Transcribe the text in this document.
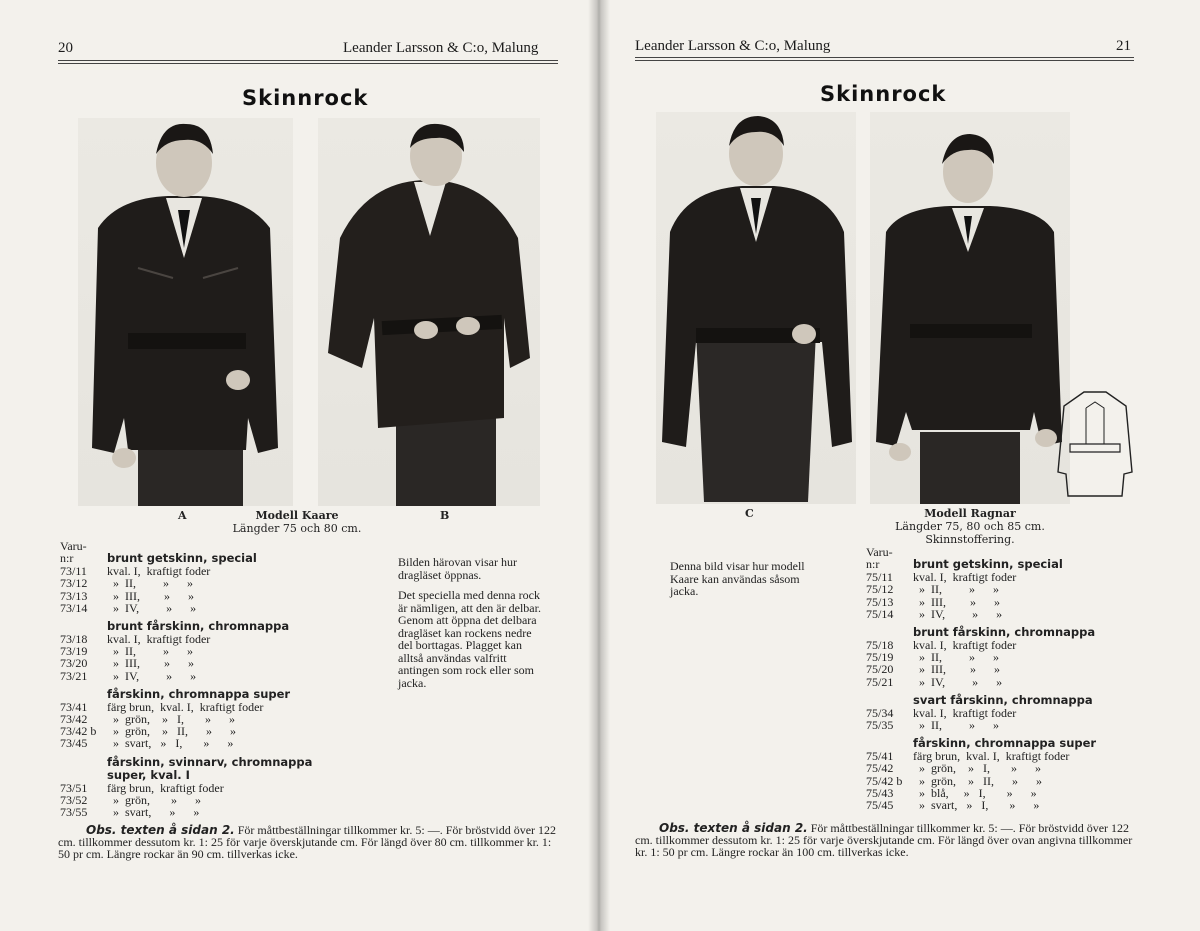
20	Leander Larsson & C:o, Malung
Skinnrock
A	B
Modell Kaare
Längder 75 och 80 cm.
Varu-
n:r	brunt getskinn, special
73/11	kval. I,  kraftigt foder
73/12	»  II,         »      »
73/13	»  III,        »      »
73/14	»  IV,         »      »
brunt fårskinn, chromnappa
73/18	kval. I,  kraftigt foder
73/19	»  II,         »      »
73/20	»  III,        »      »
73/21	»  IV,         »      »
fårskinn, chromnappa super
73/41	färg brun,  kval. I,  kraftigt foder
73/42	»  grön,    »   I,       »      »
73/42 b »  grön,    »   II,      »      »
73/45	»  svart,   »   I,       »      »
fårskinn, svinnarv, chromnappa
super, kval. I
73/51	färg brun,  kraftigt foder
73/52	»  grön,       »      »
73/55	»  svart,      »      »

Bilden härovan visar hur dragläset öppnas.

Det speciella med denna rock är nämligen, att den är delbar. Genom att öppna det delbara dragläset kan rockens nedre del borttagas. Plagget kan alltså användas valfritt antingen som rock eller som jacka.

Obs. texten å sidan 2. För måttbeställningar tillkommer kr. 5: —. För bröstvidd över 122 cm. tillkommer dessutom kr. 1: 25 för varje överskjutande cm. För längd över 80 cm. tillkommer kr. 1: 50 pr cm. Längre rockar än 90 cm. tillverkas icke.
Leander Larsson & C:o, Malung	21
Skinnrock
C	Modell Ragnar
Längder 75, 80 och 85 cm.
Skinnstoffering.

Denna bild visar hur modell Kaare kan användas såsom jacka.

Varu-
n:r	brunt getskinn, special
75/11	kval. I,  kraftigt foder
75/12	»  II,         »      »
75/13	»  III,        »      »
75/14	»  IV,         »      »
brunt fårskinn, chromnappa
75/18	kval. I,  kraftigt foder
75/19	»  II,         »      »
75/20	»  III,        »      »
75/21	»  IV,         »      »
svart fårskinn, chromnappa
75/34	kval. I,  kraftigt foder
75/35	»  II,         »      »
fårskinn, chromnappa super
75/41	färg brun,  kval. I,  kraftigt foder
75/42	»  grön,    »   I,       »      »
75/42 b »  grön,    »   II,      »      »
75/43	»  blå,     »   I,       »      »
75/45	»  svart,   »   I,       »      »
Obs. texten å sidan 2. För måttbeställningar tillkommer kr. 5: —. För bröstvidd över 122 cm. tillkommer dessutom kr. 1: 25 för varje överskjutande cm. För längd över ovan angivna tillkommer kr. 1: 50 pr cm. Längre rockar än 100 cm. tillverkas icke.
